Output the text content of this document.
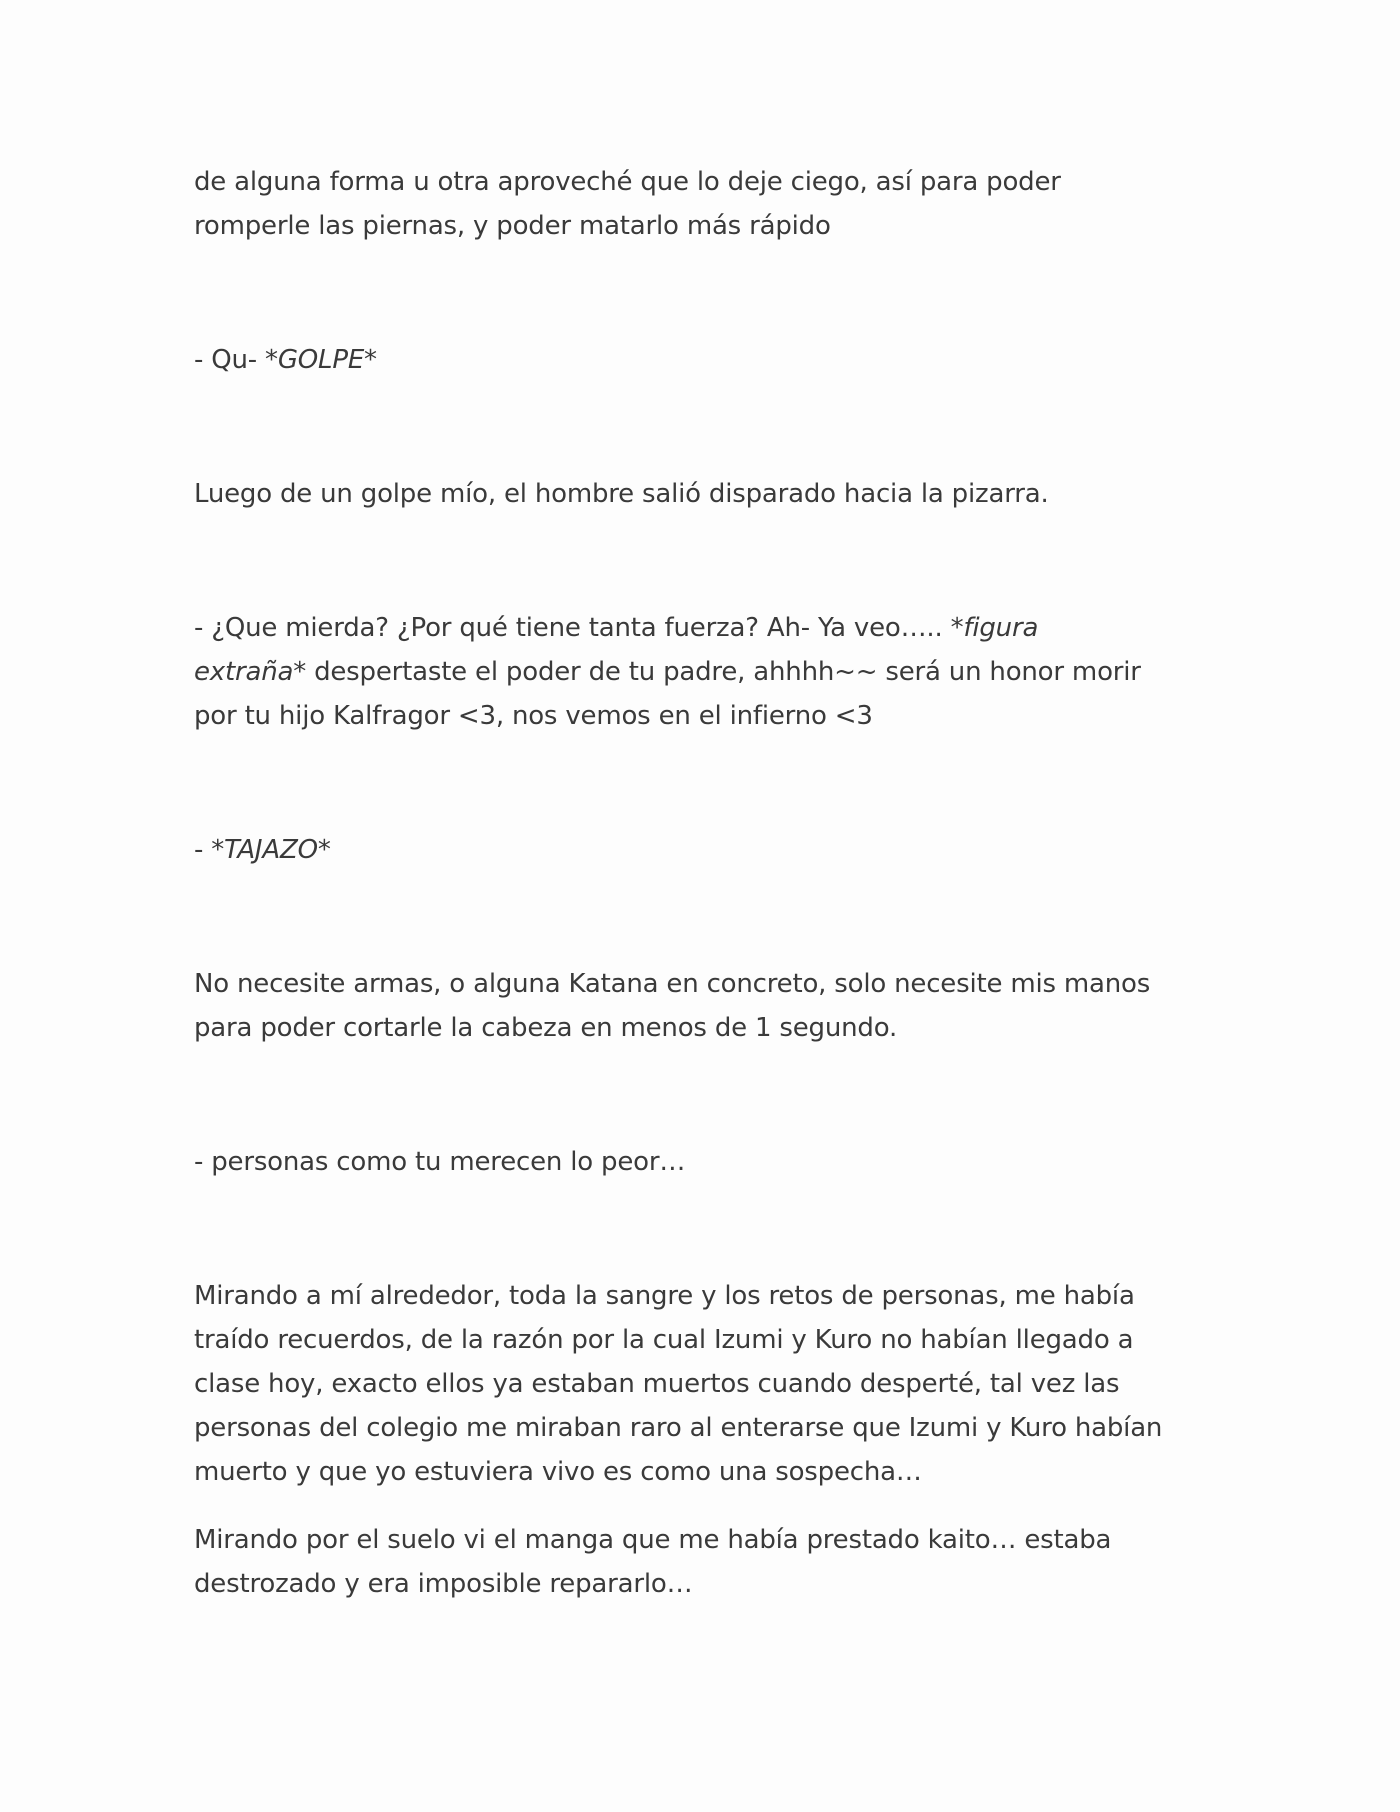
de alguna forma u otra aproveché que lo deje ciego, así para poder
romperle las piernas, y poder matarlo más rápido
- Qu- *GOLPE*
Luego de un golpe mío, el hombre salió disparado hacia la pizarra.
- ¿Que mierda? ¿Por qué tiene tanta fuerza? Ah- Ya veo….. *figura
extraña* despertaste el poder de tu padre, ahhhh~~ será un honor morir
por tu hijo Kalfragor <3, nos vemos en el infierno <3
- *TAJAZO*
No necesite armas, o alguna Katana en concreto, solo necesite mis manos
para poder cortarle la cabeza en menos de 1 segundo.
- personas como tu merecen lo peor…
Mirando a mí alrededor, toda la sangre y los retos de personas, me había
traído recuerdos, de la razón por la cual Izumi y Kuro no habían llegado a
clase hoy, exacto ellos ya estaban muertos cuando desperté, tal vez las
personas del colegio me miraban raro al enterarse que Izumi y Kuro habían
muerto y que yo estuviera vivo es como una sospecha…
Mirando por el suelo vi el manga que me había prestado kaito… estaba
destrozado y era imposible repararlo…
